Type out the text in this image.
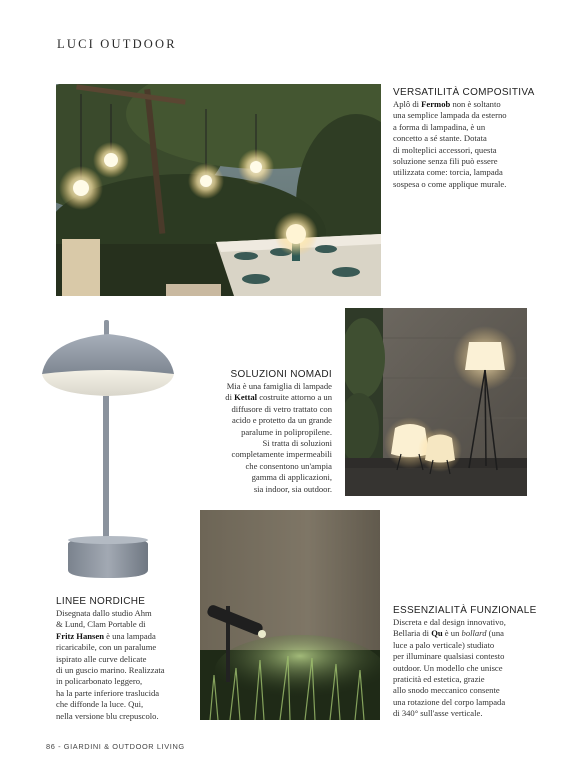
LUCI OUTDOOR
VERSATILITÀ COMPOSITIVA
Aplô di Fermob non è soltanto
una semplice lampada da esterno
a forma di lampadina, è un
concetto a sé stante. Dotata
di molteplici accessori, questa
soluzione senza fili può essere
utilizzata come: torcia, lampada
sospesa o come applique murale.
SOLUZIONI NOMADI
Mia è una famiglia di lampade
di Kettal costruite attorno a un
diffusore di vetro trattato con
acido e protetto da un grande
paralume in polipropilene.
Si tratta di soluzioni
completamente impermeabili
che consentono un'ampia
gamma di applicazioni,
sia indoor, sia outdoor.
LINEE NORDICHE
Disegnata dallo studio Ahm
& Lund, Clam Portable di
Fritz Hansen è una lampada
ricaricabile, con un paralume
ispirato alle curve delicate
di un guscio marino. Realizzata
in policarbonato leggero,
ha la parte inferiore traslucida
che diffonde la luce. Qui,
nella versione blu crepuscolo.
ESSENZIALITÀ FUNZIONALE
Discreta e dal design innovativo,
Bellaria di Qu è un bollard (una
luce a palo verticale) studiato
per illuminare qualsiasi contesto
outdoor. Un modello che unisce
praticità ed estetica, grazie
allo snodo meccanico consente
una rotazione del corpo lampada
di 340° sull'asse verticale.
86 - GIARDINI & OUTDOOR LIVING
